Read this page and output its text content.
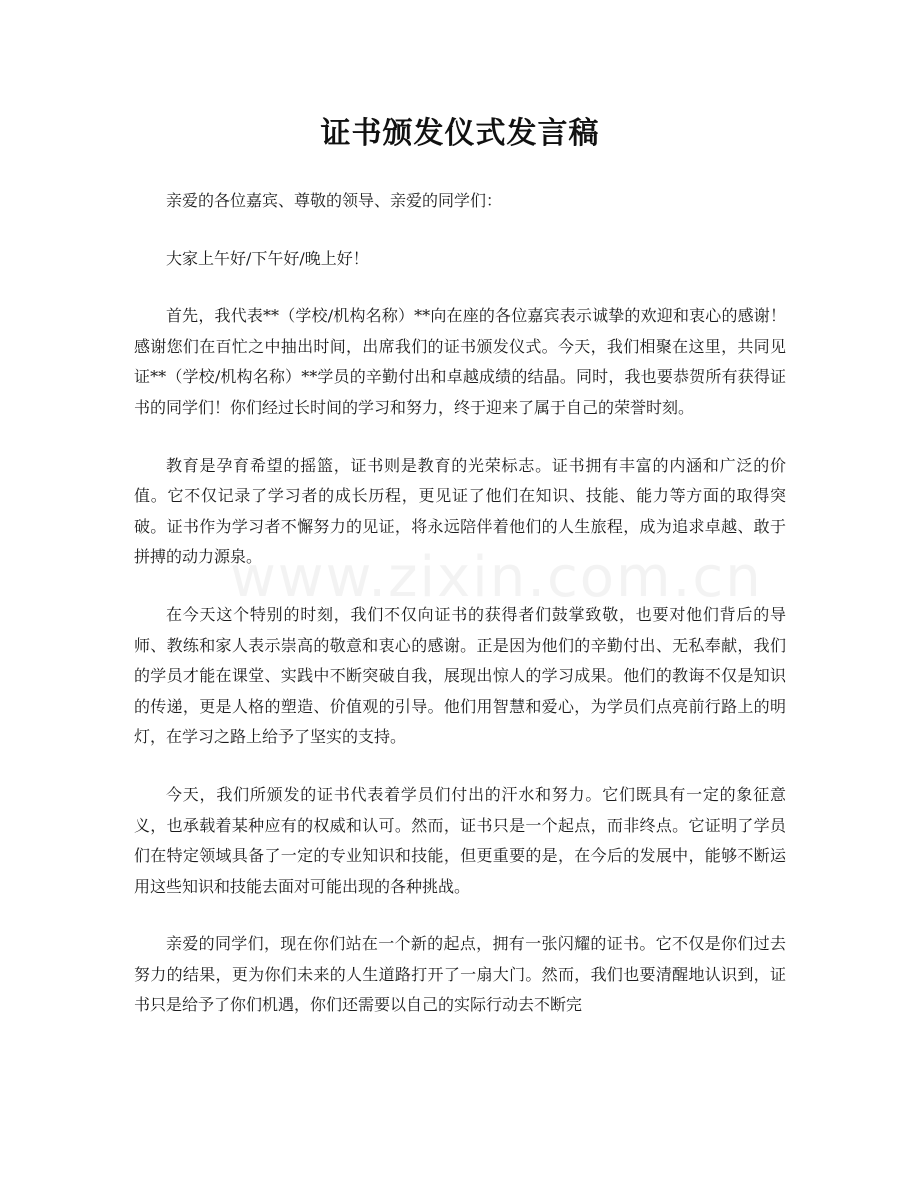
证书颁发仪式发言稿

亲爱的各位嘉宾、尊敬的领导、亲爱的同学们：

大家上午好/下午好/晚上好！

首先，我代表**（学校/机构名称）**向在座的各位嘉宾表示诚挚的欢迎和衷心的感谢！感谢您们在百忙之中抽出时间，出席我们的证书颁发仪式。今天，我们相聚在这里，共同见证**（学校/机构名称）**学员的辛勤付出和卓越成绩的结晶。同时，我也要恭贺所有获得证书的同学们！你们经过长时间的学习和努力，终于迎来了属于自己的荣誉时刻。

教育是孕育希望的摇篮，证书则是教育的光荣标志。证书拥有丰富的内涵和广泛的价值。它不仅记录了学习者的成长历程，更见证了他们在知识、技能、能力等方面的取得突破。证书作为学习者不懈努力的见证，将永远陪伴着他们的人生旅程，成为追求卓越、敢于拼搏的动力源泉。

在今天这个特别的时刻，我们不仅向证书的获得者们鼓掌致敬，也要对他们背后的导师、教练和家人表示崇高的敬意和衷心的感谢。正是因为他们的辛勤付出、无私奉献，我们的学员才能在课堂、实践中不断突破自我，展现出惊人的学习成果。他们的教诲不仅是知识的传递，更是人格的塑造、价值观的引导。他们用智慧和爱心，为学员们点亮前行路上的明灯，在学习之路上给予了坚实的支持。

今天，我们所颁发的证书代表着学员们付出的汗水和努力。它们既具有一定的象征意义，也承载着某种应有的权威和认可。然而，证书只是一个起点，而非终点。它证明了学员们在特定领域具备了一定的专业知识和技能，但更重要的是，在今后的发展中，能够不断运用这些知识和技能去面对可能出现的各种挑战。

亲爱的同学们，现在你们站在一个新的起点，拥有一张闪耀的证书。它不仅是你们过去努力的结果，更为你们未来的人生道路打开了一扇大门。然而，我们也要清醒地认识到，证书只是给予了你们机遇，你们还需要以自己的实际行动去不断完

www.zixin.com.cn
